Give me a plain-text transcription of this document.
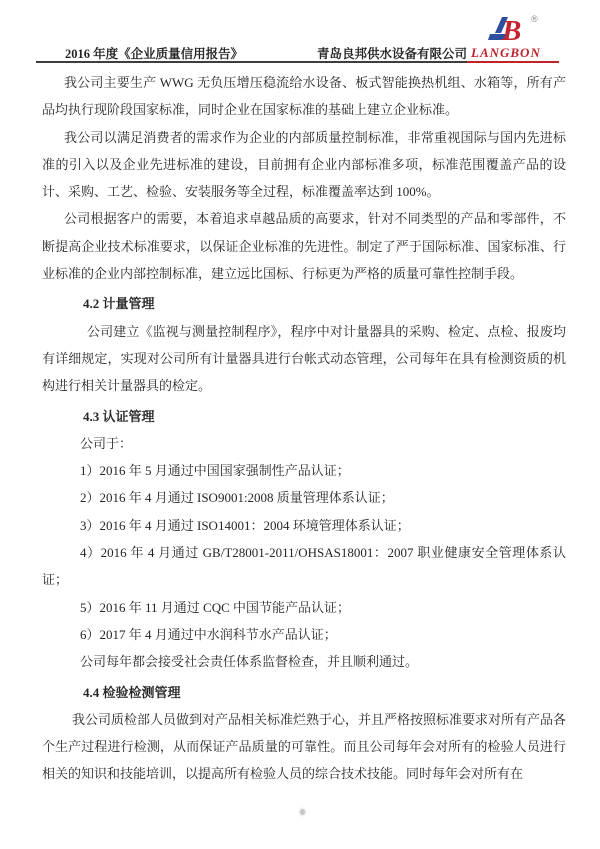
2016 年度《企业质量信用报告》	青岛良邦供水设备有限公司
B ®
LANGBON

我公司主要生产 WWG 无负压增压稳流给水设备、板式智能换热机组、水箱等，所有产品均执行现阶段国家标准，同时企业在国家标准的基础上建立企业标准。

我公司以满足消费者的需求作为企业的内部质量控制标准，非常重视国际与国内先进标准的引入以及企业先进标准的建设，目前拥有企业内部标准多项，标准范围覆盖产品的设计、采购、工艺、检验、安装服务等全过程，标准覆盖率达到 100%。

公司根据客户的需要，本着追求卓越品质的高要求，针对不同类型的产品和零部件，不断提高企业技术标准要求，以保证企业标准的先进性。制定了严于国际标准、国家标准、行业标准的企业内部控制标准，建立远比国标、行标更为严格的质量可靠性控制手段。

4.2 计量管理

公司建立《监视与测量控制程序》，程序中对计量器具的采购、检定、点检、报废均有详细规定，实现对公司所有计量器具进行台帐式动态管理，公司每年在具有检测资质的机构进行相关计量器具的检定。

4.3 认证管理

公司于：

1）2016 年 5 月通过中国国家强制性产品认证；

2）2016 年 4 月通过 ISO9001:2008 质量管理体系认证；

3）2016 年 4 月通过 ISO14001：2004 环境管理体系认证；

4）2016 年 4 月通过 GB/T28001-2011/OHSAS18001：2007 职业健康安全管理体系认证；

5）2016 年 11 月通过 CQC 中国节能产品认证；

6）2017 年 4 月通过中水润科节水产品认证；

公司每年都会接受社会责任体系监督检查，并且顺利通过。

4.4 检验检测管理

我公司质检部人员做到对产品相关标准烂熟于心，并且严格按照标准要求对所有产品各个生产过程进行检测，从而保证产品质量的可靠性。而且公司每年会对所有的检验人员进行相关的知识和技能培训，以提高所有检验人员的综合技术技能。同时每年会对所有在
